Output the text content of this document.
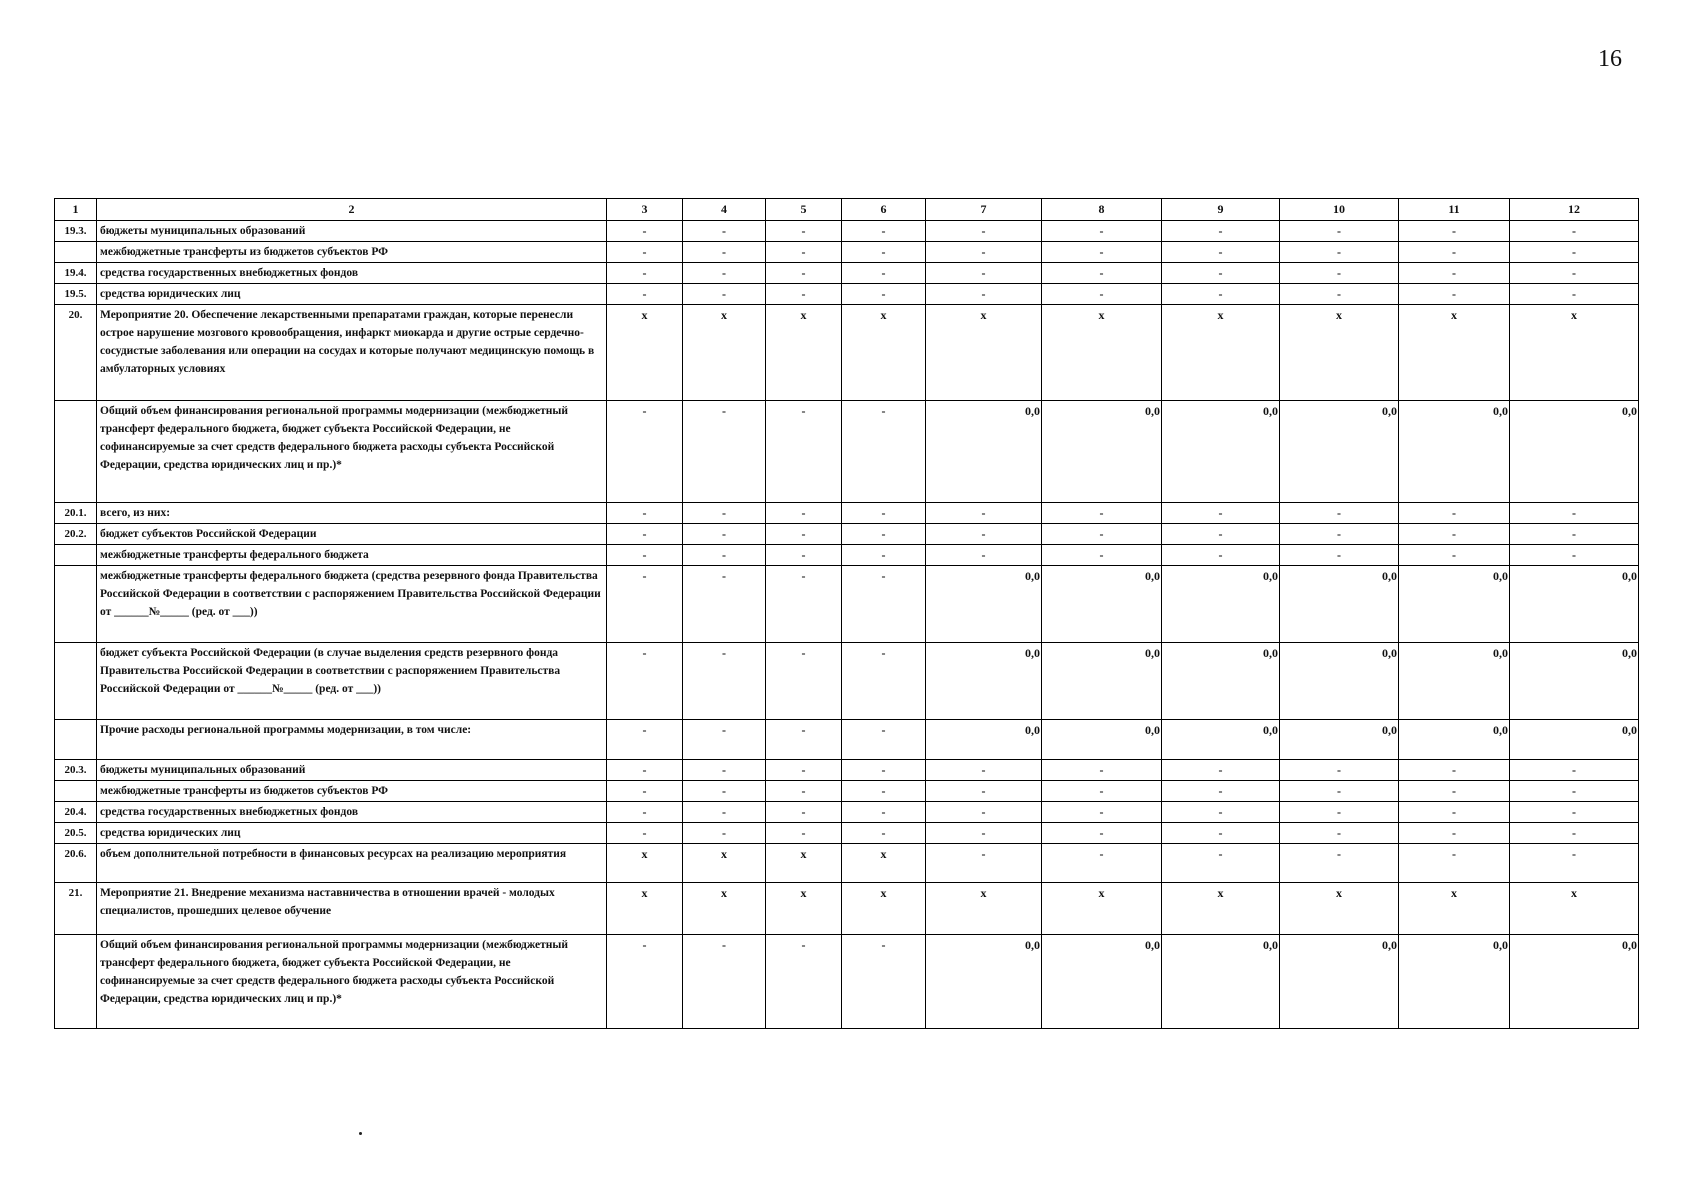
16
1	2	3	4	5	6	7	8	9	10	11	12
19.3.	бюджеты муниципальных образований	-	-	-	-	-	-	-	-	-	-
	межбюджетные трансферты из бюджетов субъектов РФ	-	-	-	-	-	-	-	-	-	-
19.4.	средства государственных внебюджетных фондов	-	-	-	-	-	-	-	-	-	-
19.5.	средства юридических лиц	-	-	-	-	-	-	-	-	-	-
20.	Мероприятие 20. Обеспечение лекарственными препаратами граждан, которые перенесли острое нарушение мозгового кровообращения, инфаркт миокарда и другие острые сердечно-сосудистые заболевания или операции на сосудах и которые получают медицинскую помощь в амбулаторных условиях	х	х	х	х	х	х	х	х	х	х
	Общий объем финансирования региональной программы модернизации (межбюджетный трансферт федерального бюджета, бюджет субъекта Российской Федерации, не софинансируемые за счет средств федерального бюджета расходы субъекта Российской Федерации, средства юридических лиц и пр.)*	-	-	-	-	0,0	0,0	0,0	0,0	0,0	0,0
20.1.	всего, из них:	-	-	-	-	-	-	-	-	-	-
20.2.	бюджет субъектов Российской Федерации	-	-	-	-	-	-	-	-	-	-
	межбюджетные трансферты федерального бюджета	-	-	-	-	-	-	-	-	-	-
	межбюджетные трансферты федерального бюджета (средства резервного фонда Правительства Российской Федерации в соответствии с распоряжением Правительства Российской Федерации от ______№_____ (ред. от ___))	-	-	-	-	0,0	0,0	0,0	0,0	0,0	0,0
	бюджет субъекта Российской Федерации (в случае выделения средств резервного фонда Правительства Российской Федерации в соответствии с распоряжением Правительства Российской Федерации от ______№_____ (ред. от ___))	-	-	-	-	0,0	0,0	0,0	0,0	0,0	0,0
	Прочие расходы региональной программы модернизации, в том числе:	-	-	-	-	0,0	0,0	0,0	0,0	0,0	0,0
20.3.	бюджеты муниципальных образований	-	-	-	-	-	-	-	-	-	-
	межбюджетные трансферты из бюджетов субъектов РФ	-	-	-	-	-	-	-	-	-	-
20.4.	средства государственных внебюджетных фондов	-	-	-	-	-	-	-	-	-	-
20.5.	средства юридических лиц	-	-	-	-	-	-	-	-	-	-
20.6.	объем дополнительной потребности в финансовых ресурсах на реализацию мероприятия	х	х	х	х	-	-	-	-	-	-
21.	Мероприятие 21. Внедрение механизма наставничества в отношении врачей - молодых специалистов, прошедших целевое обучение	х	х	х	х	х	х	х	х	х	х
	Общий объем финансирования региональной программы модернизации (межбюджетный трансферт федерального бюджета, бюджет субъекта Российской Федерации, не софинансируемые за счет средств федерального бюджета расходы субъекта Российской Федерации, средства юридических лиц и пр.)*	-	-	-	-	0,0	0,0	0,0	0,0	0,0	0,0
